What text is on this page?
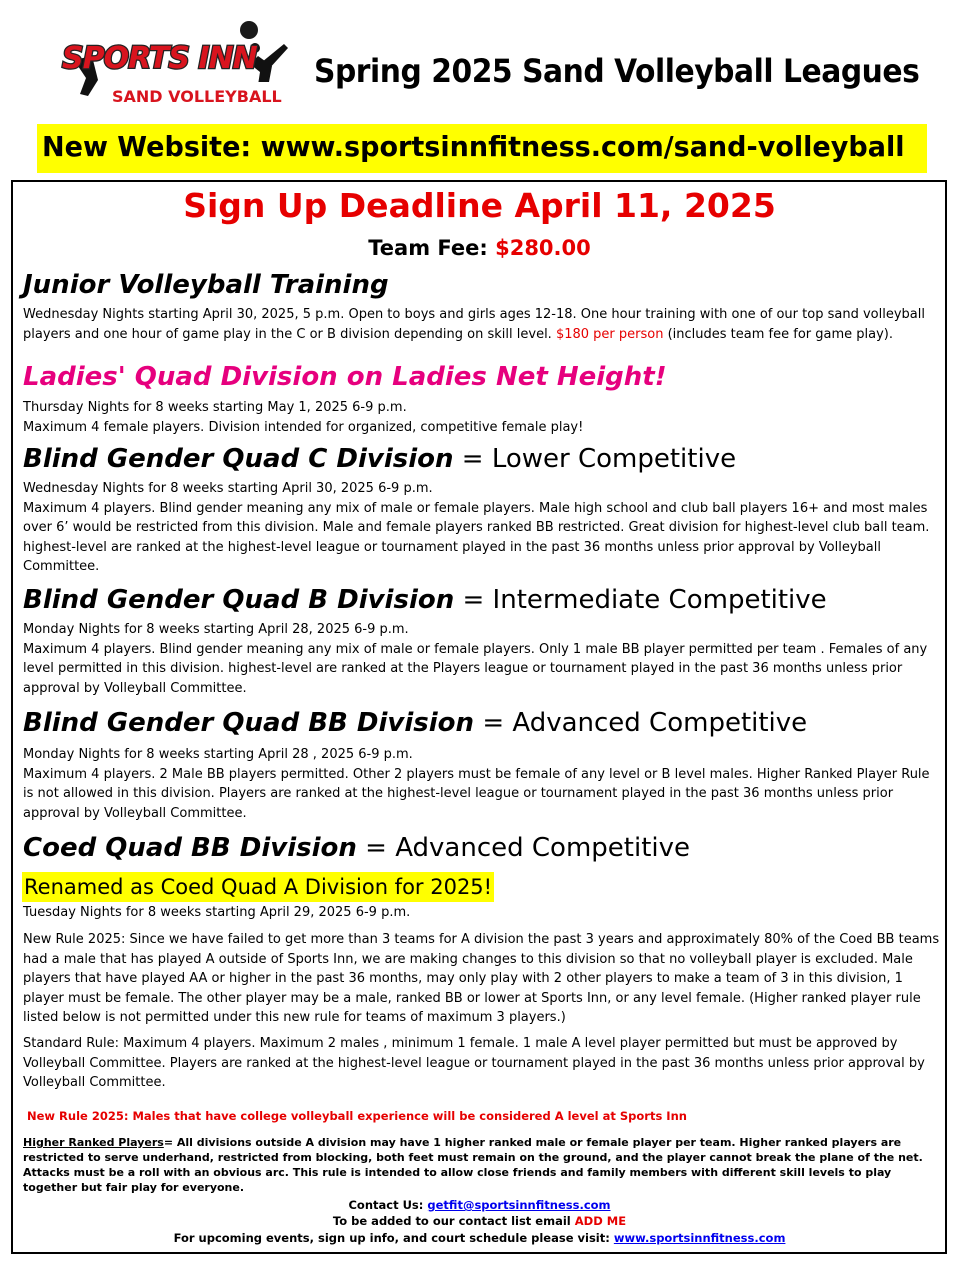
SPORTS INN
SAND VOLLEYBALL
Spring 2025 Sand Volleyball Leagues
New Website: www.sportsinnfitness.com/sand-volleyball
Sign Up Deadline April 11, 2025
Team Fee: $280.00
Junior Volleyball Training
Wednesday Nights starting April 30, 2025, 5 p.m. Open to boys and girls ages 12-18. One hour training with one of our top sand volleyball players and one hour of game play in the C or B division depending on skill level. $180 per person (includes team fee for game play).
Ladies' Quad Division on Ladies Net Height!
Thursday Nights for 8 weeks starting May 1, 2025 6-9 p.m.
Maximum 4 female players. Division intended for organized, competitive female play!
Blind Gender Quad C Division = Lower Competitive
Wednesday Nights for 8 weeks starting April 30, 2025 6-9 p.m.
Maximum 4 players. Blind gender meaning any mix of male or female players. Male high school and club ball players 16+ and most males over 6’ would be restricted from this division. Male and female players ranked BB restricted. Great division for highest-level club ball team. highest-level are ranked at the highest-level league or tournament played in the past 36 months unless prior approval by Volleyball Committee.
Blind Gender Quad B Division = Intermediate Competitive
Monday Nights for 8 weeks starting April 28, 2025 6-9 p.m.
Maximum 4 players. Blind gender meaning any mix of male or female players. Only 1 male BB player permitted per team . Females of any level permitted in this division. highest-level are ranked at the Players league or tournament played in the past 36 months unless prior approval by Volleyball Committee.
Blind Gender Quad BB Division = Advanced Competitive
Monday Nights for 8 weeks starting April 28 , 2025 6-9 p.m.
Maximum 4 players. 2 Male BB players permitted. Other 2 players must be female of any level or B level males. Higher Ranked Player Rule is not allowed in this division. Players are ranked at the highest-level league or tournament played in the past 36 months unless prior approval by Volleyball Committee.
Coed Quad BB Division = Advanced Competitive
Renamed as Coed Quad A Division for 2025!
Tuesday Nights for 8 weeks starting April 29, 2025 6-9 p.m.
New Rule 2025: Since we have failed to get more than 3 teams for A division the past 3 years and approximately 80% of the Coed BB teams had a male that has played A outside of Sports Inn, we are making changes to this division so that no volleyball player is excluded. Male players that have played AA or higher in the past 36 months, may only play with 2 other players to make a team of 3 in this division, 1 player must be female. The other player may be a male, ranked BB or lower at Sports Inn, or any level female. (Higher ranked player rule listed below is not permitted under this new rule for teams of maximum 3 players.)
Standard Rule: Maximum 4 players. Maximum 2 males , minimum 1 female. 1 male A level player permitted but must be approved by Volleyball Committee. Players are ranked at the highest-level league or tournament played in the past 36 months unless prior approval by Volleyball Committee.
New Rule 2025: Males that have college volleyball experience will be considered A level at Sports Inn
Higher Ranked Players= All divisions outside A division may have 1 higher ranked male or female player per team. Higher ranked players are restricted to serve underhand, restricted from blocking, both feet must remain on the ground, and the player cannot break the plane of the net. Attacks must be a roll with an obvious arc. This rule is intended to allow close friends and family members with different skill levels to play together but fair play for everyone.
Contact Us: getfit@sportsinnfitness.com
To be added to our contact list email ADD ME
For upcoming events, sign up info, and court schedule please visit: www.sportsinnfitness.com
